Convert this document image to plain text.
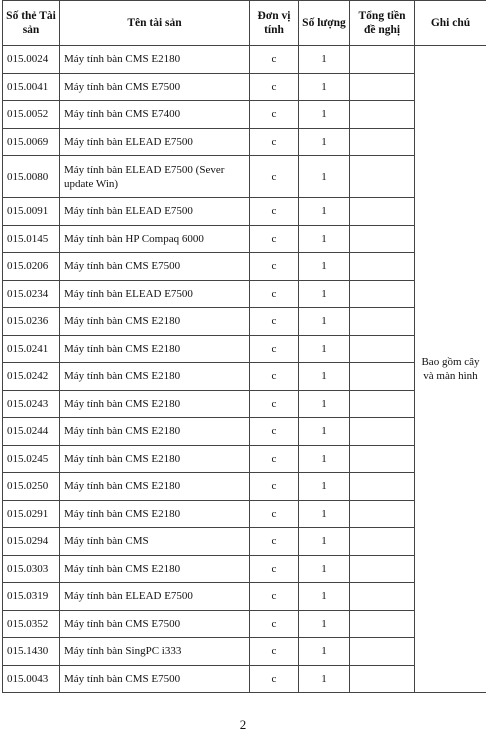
Số thẻ Tài sản	Tên tài sản	Đơn vị tính	Số lượng	Tổng tiền đề nghị	Ghi chú
015.0024	Máy tính bàn CMS E2180	c	1		Bao gồm cây và màn hình
015.0041	Máy tính bàn CMS E7500	c	1		
015.0052	Máy tính bàn CMS E7400	c	1		
015.0069	Máy tính bàn ELEAD E7500	c	1		
015.0080	Máy tính bàn ELEAD E7500 (Sever update Win)	c	1		
015.0091	Máy tính bàn ELEAD E7500	c	1		
015.0145	Máy tính bàn HP Compaq 6000	c	1		
015.0206	Máy tính bàn CMS E7500	c	1		
015.0234	Máy tính bàn ELEAD E7500	c	1		
015.0236	Máy tính bàn CMS E2180	c	1		
015.0241	Máy tính bàn CMS E2180	c	1		
015.0242	Máy tính bàn CMS E2180	c	1		
015.0243	Máy tính bàn CMS E2180	c	1		
015.0244	Máy tính bàn CMS E2180	c	1		
015.0245	Máy tính bàn CMS E2180	c	1		
015.0250	Máy tính bàn CMS E2180	c	1		
015.0291	Máy tính bàn CMS E2180	c	1		
015.0294	Máy tính bàn CMS	c	1		
015.0303	Máy tính bàn CMS E2180	c	1		
015.0319	Máy tính bàn ELEAD E7500	c	1		
015.0352	Máy tính bàn CMS E7500	c	1		
015.1430	Máy tính bàn SingPC i333	c	1		
015.0043	Máy tính bàn CMS E7500	c	1		
2
